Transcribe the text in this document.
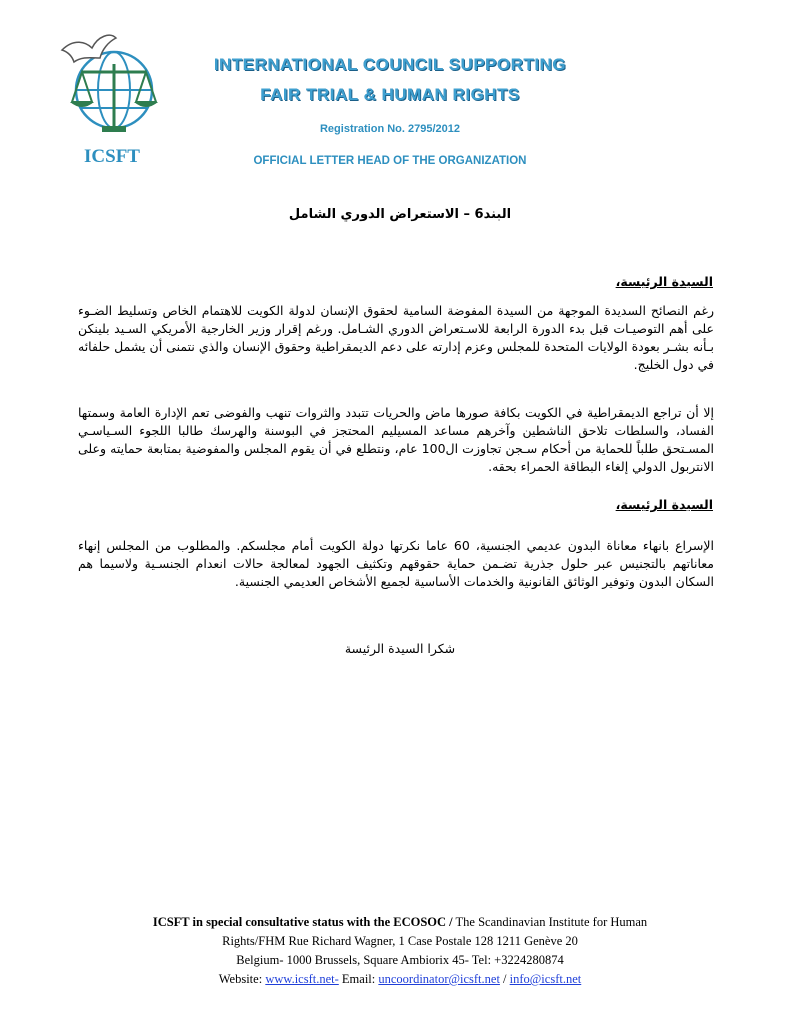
ICSFT
INTERNATIONAL COUNCIL SUPPORTING
FAIR TRIAL & HUMAN RIGHTS
Registration No. 2795/2012
OFFICIAL LETTER HEAD OF THE ORGANIZATION
البند6 – الاستعراض الدوري الشامل
السيدة الرئيسة،
رغم النصائح السديدة الموجهة من السيدة المفوضة السامية لحقوق الإنسان لدولة الكويت للاهتمام الخاص وتسليط الضـوء على أهم التوصيـات قبل بدء الدورة الرابعة للاسـتعراض الدوري الشـامل. ورغم إقرار وزير الخارجية الأمريكي السـيد بلينكن بـأنه بشـر بعودة الولايات المتحدة للمجلس وعزم إدارته على دعم الديمقراطية وحقوق الإنسان والذي نتمنى أن يشمل حلفائه في دول الخليج.
إلا أن تراجع الديمقراطية في الكويت بكافة صورها ماض والحريات تتبدد والثروات تنهب والفوضى تعم الإدارة العامة وسمتها الفساد، والسلطات تلاحق الناشطين وآخرهم مساعد المسيليم المحتجز في البوسنة والهرسك طالبا اللجوء السـياسـي المسـتحق طلباً للحماية من أحكام سـجن تجاوزت ال100 عام، ونتطلع في أن يقوم المجلس والمفوضية بمتابعة حمايته وعلى الانتربول الدولي إلغاء البطاقة الحمراء بحقه.
السيدة الرئيسة،
الإسراع بانهاء معاناة البدون عديمي الجنسية، 60 عاما نكرتها دولة الكويت أمام مجلسكم. والمطلوب من المجلس إنهاء معاناتهم بالتجنيس عبر حلول جذرية تضـمن حماية حقوقهم وتكثيف الجهود لمعالجة حالات انعدام الجنسـية ولاسيما هم السكان البدون وتوفير الوثائق القانونية والخدمات الأساسية لجميع الأشخاص العديمي الجنسية.
شكرا السيدة الرئيسة
ICSFT in special consultative status with the ECOSOC / The Scandinavian Institute for Human
Rights/FHM Rue Richard Wagner, 1 Case Postale 128 1211 Genève 20
Belgium- 1000 Brussels, Square Ambiorix 45- Tel: +3224280874
Website: www.icsft.net- Email: uncoordinator@icsft.net / info@icsft.net
